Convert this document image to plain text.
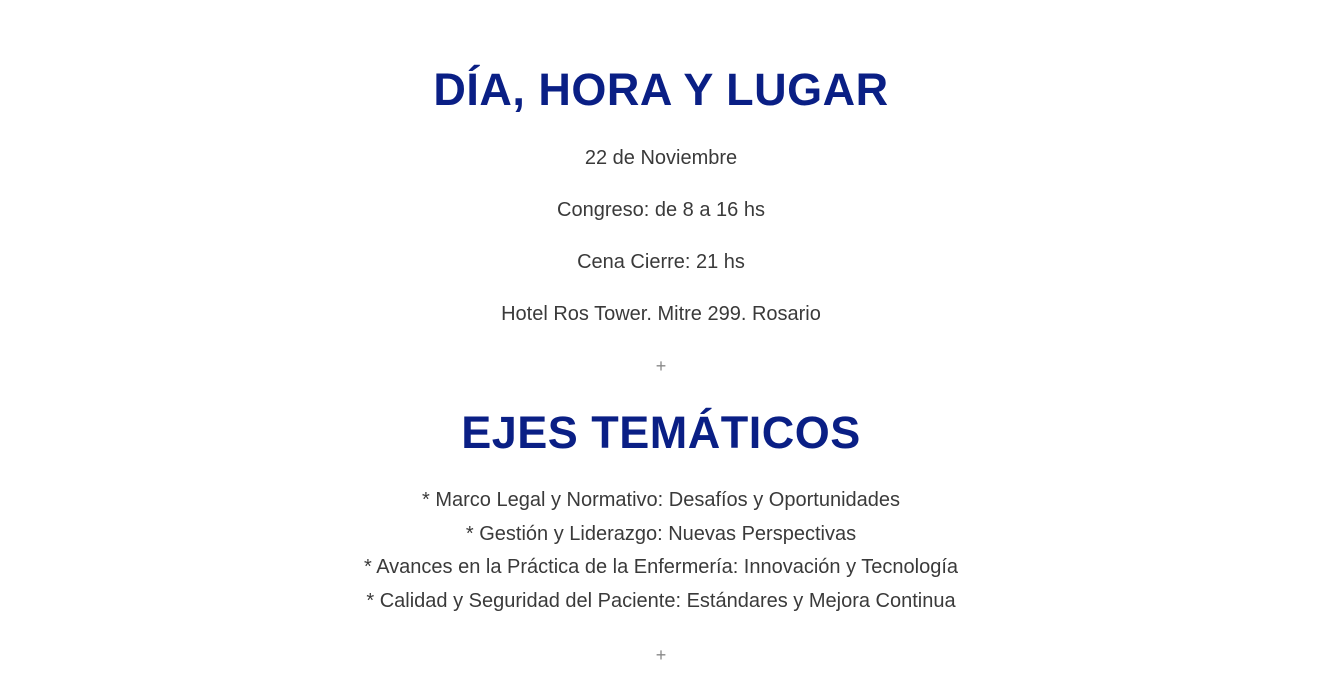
DÍA, HORA Y LUGAR
22 de Noviembre
Congreso: de 8 a 16 hs
Cena Cierre: 21 hs
Hotel Ros Tower. Mitre 299. Rosario
+
EJES TEMÁTICOS
* Marco Legal y Normativo: Desafíos y Oportunidades
* Gestión y Liderazgo: Nuevas Perspectivas
* Avances en la Práctica de la Enfermería: Innovación y Tecnología
* Calidad y Seguridad del Paciente: Estándares y Mejora Continua
+
